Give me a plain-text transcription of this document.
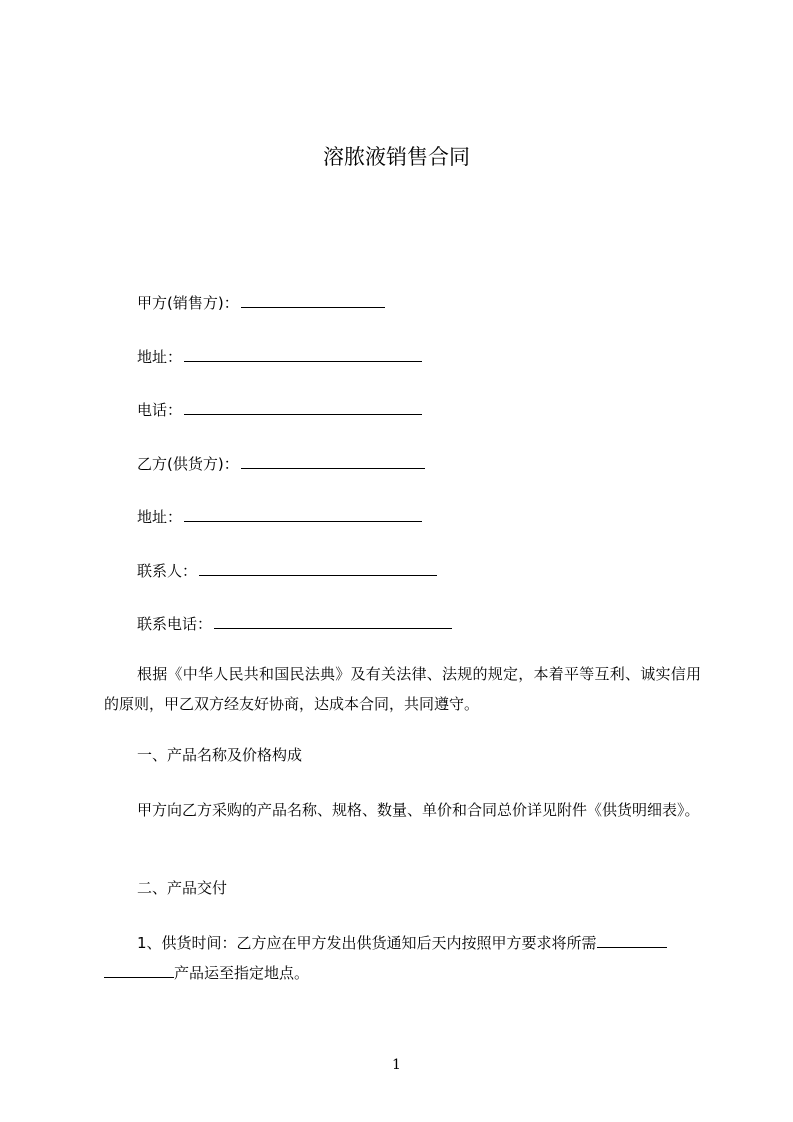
溶脓液销售合同
甲方(销售方)：
地址：
电话：
乙方(供货方)：
地址：
联系人：
联系电话：

根据《中华人民共和国民法典》及有关法律、法规的规定，本着平等互利、诚实信用的原则，甲乙双方经友好协商，达成本合同，共同遵守。

一、产品名称及价格构成

甲方向乙方采购的产品名称、规格、数量、单价和合同总价详见附件《供货明细表》。

二、产品交付

1、供货时间：乙方应在甲方发出供货通知后天内按照甲方要求将所需
产品运至指定地点。

1
